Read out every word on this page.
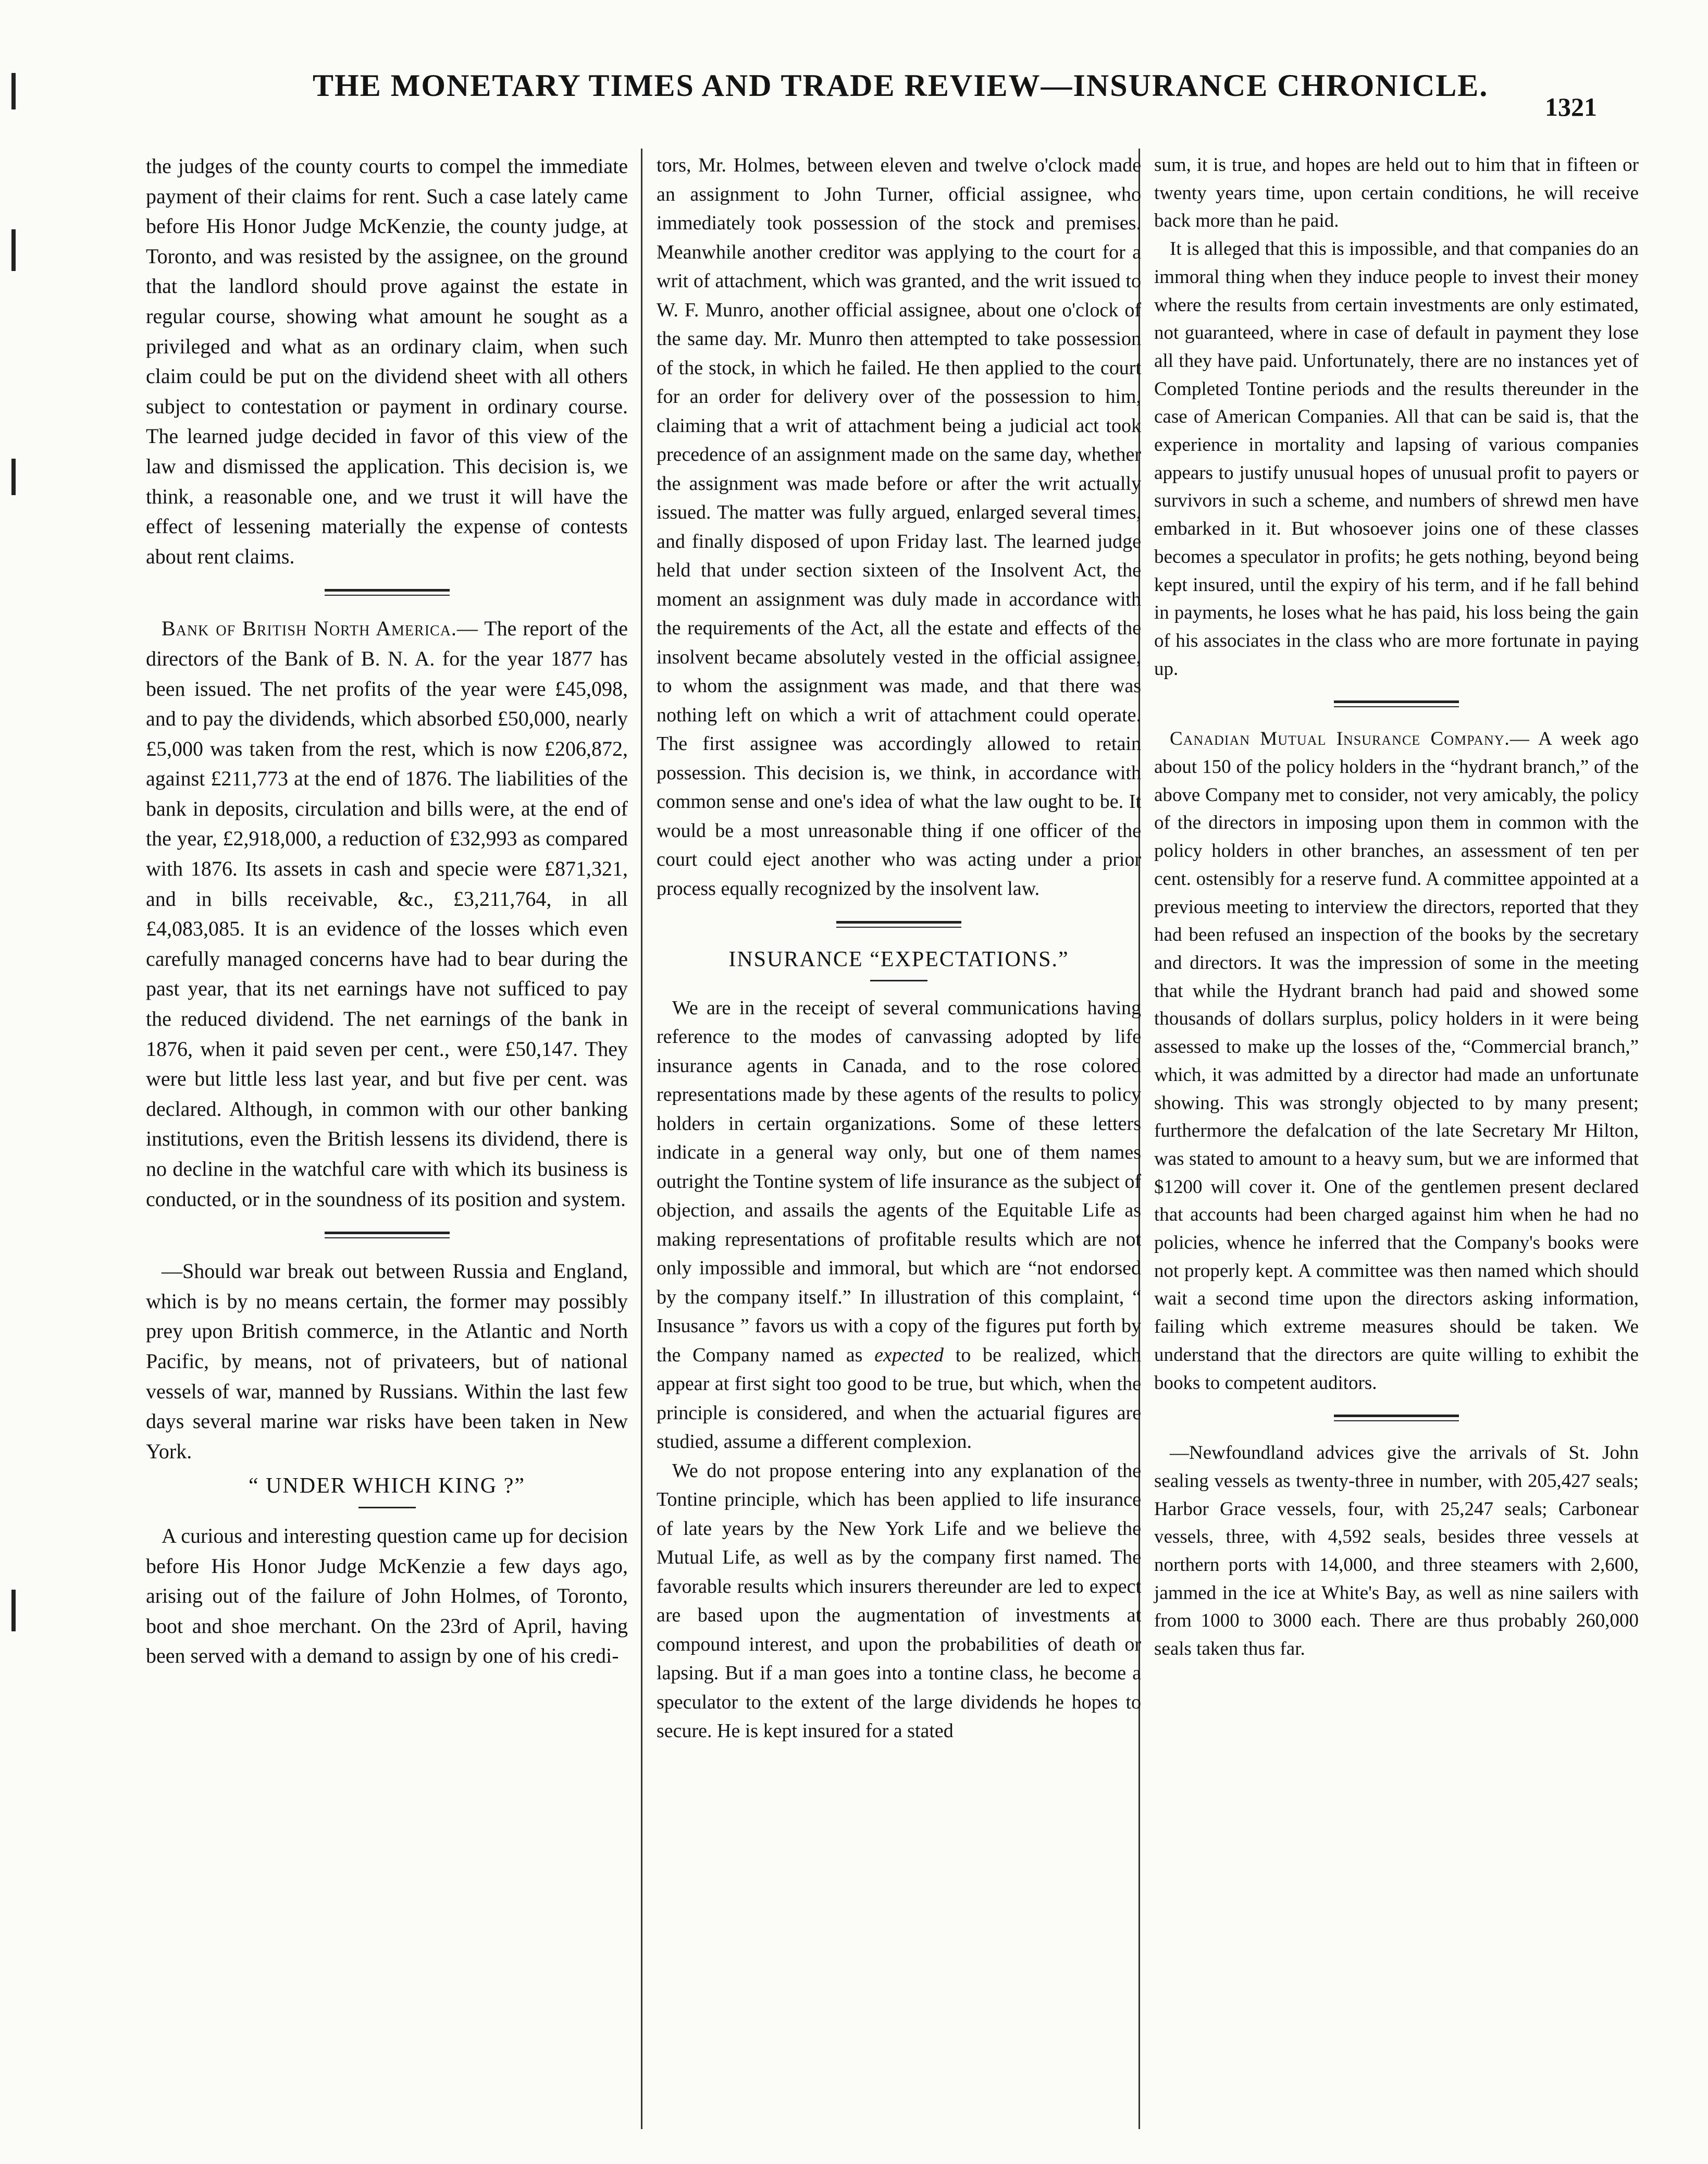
THE MONETARY TIMES AND TRADE REVIEW—INSURANCE CHRONICLE.
1321

the judges of the county courts to compel the immediate payment of their claims for rent. Such a case lately came before His Honor Judge McKenzie, the county judge, at Toronto, and was resisted by the assignee, on the ground that the landlord should prove against the estate in regular course, showing what amount he sought as a privileged and what as an ordinary claim, when such claim could be put on the dividend sheet with all others subject to contestation or payment in ordinary course. The learned judge decided in favor of this view of the law and dismissed the application. This decision is, we think, a reasonable one, and we trust it will have the effect of lessening materially the expense of contests about rent claims.

Bank of British North America.— The report of the directors of the Bank of B. N. A. for the year 1877 has been issued. The net profits of the year were £45,098, and to pay the dividends, which absorbed £50,000, nearly £5,000 was taken from the rest, which is now £206,872, against £211,773 at the end of 1876. The liabilities of the bank in deposits, circulation and bills were, at the end of the year, £2,918,000, a reduction of £32,993 as compared with 1876. Its assets in cash and specie were £871,321, and in bills receivable, &c., £3,211,764, in all £4,083,085. It is an evidence of the losses which even carefully managed concerns have had to bear during the past year, that its net earnings have not sufficed to pay the reduced dividend. The net earnings of the bank in 1876, when it paid seven per cent., were £50,147. They were but little less last year, and but five per cent. was declared. Although, in common with our other banking institutions, even the British lessens its dividend, there is no decline in the watchful care with which its business is conducted, or in the soundness of its position and system.

—Should war break out between Russia and England, which is by no means certain, the former may possibly prey upon British commerce, in the Atlantic and North Pacific, by means, not of privateers, but of national vessels of war, manned by Russians. Within the last few days several marine war risks have been taken in New York.

“ UNDER WHICH KING ?”

A curious and interesting question came up for decision before His Honor Judge McKenzie a few days ago, arising out of the failure of John Holmes, of Toronto, boot and shoe merchant. On the 23rd of April, having been served with a demand to assign by one of his credi-

tors, Mr. Holmes, between eleven and twelve o'clock made an assignment to John Turner, official assignee, who immediately took possession of the stock and premises. Meanwhile another creditor was applying to the court for a writ of attachment, which was granted, and the writ issued to W. F. Munro, another official assignee, about one o'clock of the same day. Mr. Munro then attempted to take possession of the stock, in which he failed. He then applied to the court for an order for delivery over of the possession to him, claiming that a writ of attachment being a judicial act took precedence of an assignment made on the same day, whether the assignment was made before or after the writ actually issued. The matter was fully argued, enlarged several times, and finally disposed of upon Friday last. The learned judge held that under section sixteen of the Insolvent Act, the moment an assignment was duly made in accordance with the requirements of the Act, all the estate and effects of the insolvent became absolutely vested in the official assignee, to whom the assignment was made, and that there was nothing left on which a writ of attachment could operate. The first assignee was accordingly allowed to retain possession. This decision is, we think, in accordance with common sense and one's idea of what the law ought to be. It would be a most unreasonable thing if one officer of the court could eject another who was acting under a prior process equally recognized by the insolvent law.

INSURANCE “EXPECTATIONS.”

We are in the receipt of several communications having reference to the modes of canvassing adopted by life insurance agents in Canada, and to the rose colored representations made by these agents of the results to policy holders in certain organizations. Some of these letters indicate in a general way only, but one of them names outright the Tontine system of life insurance as the subject of objection, and assails the agents of the Equitable Life as making representations of profitable results which are not only impossible and immoral, but which are “not endorsed by the company itself.” In illustration of this complaint, “ Insusance ” favors us with a copy of the figures put forth by the Company named as expected to be realized, which appear at first sight too good to be true, but which, when the principle is considered, and when the actuarial figures are studied, assume a different complexion.

We do not propose entering into any explanation of the Tontine principle, which has been applied to life insurance of late years by the New York Life and we believe the Mutual Life, as well as by the company first named. The favorable results which insurers thereunder are led to expect are based upon the augmentation of investments at compound interest, and upon the probabilities of death or lapsing. But if a man goes into a tontine class, he become a speculator to the extent of the large dividends he hopes to secure. He is kept insured for a stated

sum, it is true, and hopes are held out to him that in fifteen or twenty years time, upon certain conditions, he will receive back more than he paid.

It is alleged that this is impossible, and that companies do an immoral thing when they induce people to invest their money where the results from certain investments are only estimated, not guaranteed, where in case of default in payment they lose all they have paid. Unfortunately, there are no instances yet of Completed Tontine periods and the results thereunder in the case of American Companies. All that can be said is, that the experience in mortality and lapsing of various companies appears to justify unusual hopes of unusual profit to payers or survivors in such a scheme, and numbers of shrewd men have embarked in it. But whosoever joins one of these classes becomes a speculator in profits; he gets nothing, beyond being kept insured, until the expiry of his term, and if he fall behind in payments, he loses what he has paid, his loss being the gain of his associates in the class who are more fortunate in paying up.

Canadian Mutual Insurance Company.— A week ago about 150 of the policy holders in the “hydrant branch,” of the above Company met to consider, not very amicably, the policy of the directors in imposing upon them in common with the policy holders in other branches, an assessment of ten per cent. ostensibly for a reserve fund. A committee appointed at a previous meeting to interview the directors, reported that they had been refused an inspection of the books by the secretary and directors. It was the impression of some in the meeting that while the Hydrant branch had paid and showed some thousands of dollars surplus, policy holders in it were being assessed to make up the losses of the, “Commercial branch,” which, it was admitted by a director had made an unfortunate showing. This was strongly objected to by many present; furthermore the defalcation of the late Secretary Mr Hilton, was stated to amount to a heavy sum, but we are informed that $1200 will cover it. One of the gentlemen present declared that accounts had been charged against him when he had no policies, whence he inferred that the Company's books were not properly kept. A committee was then named which should wait a second time upon the directors asking information, failing which extreme measures should be taken. We understand that the directors are quite willing to exhibit the books to competent auditors.

—Newfoundland advices give the arrivals of St. John sealing vessels as twenty-three in number, with 205,427 seals; Harbor Grace vessels, four, with 25,247 seals; Carbonear vessels, three, with 4,592 seals, besides three vessels at northern ports with 14,000, and three steamers with 2,600, jammed in the ice at White's Bay, as well as nine sailers with from 1000 to 3000 each. There are thus probably 260,000 seals taken thus far.
